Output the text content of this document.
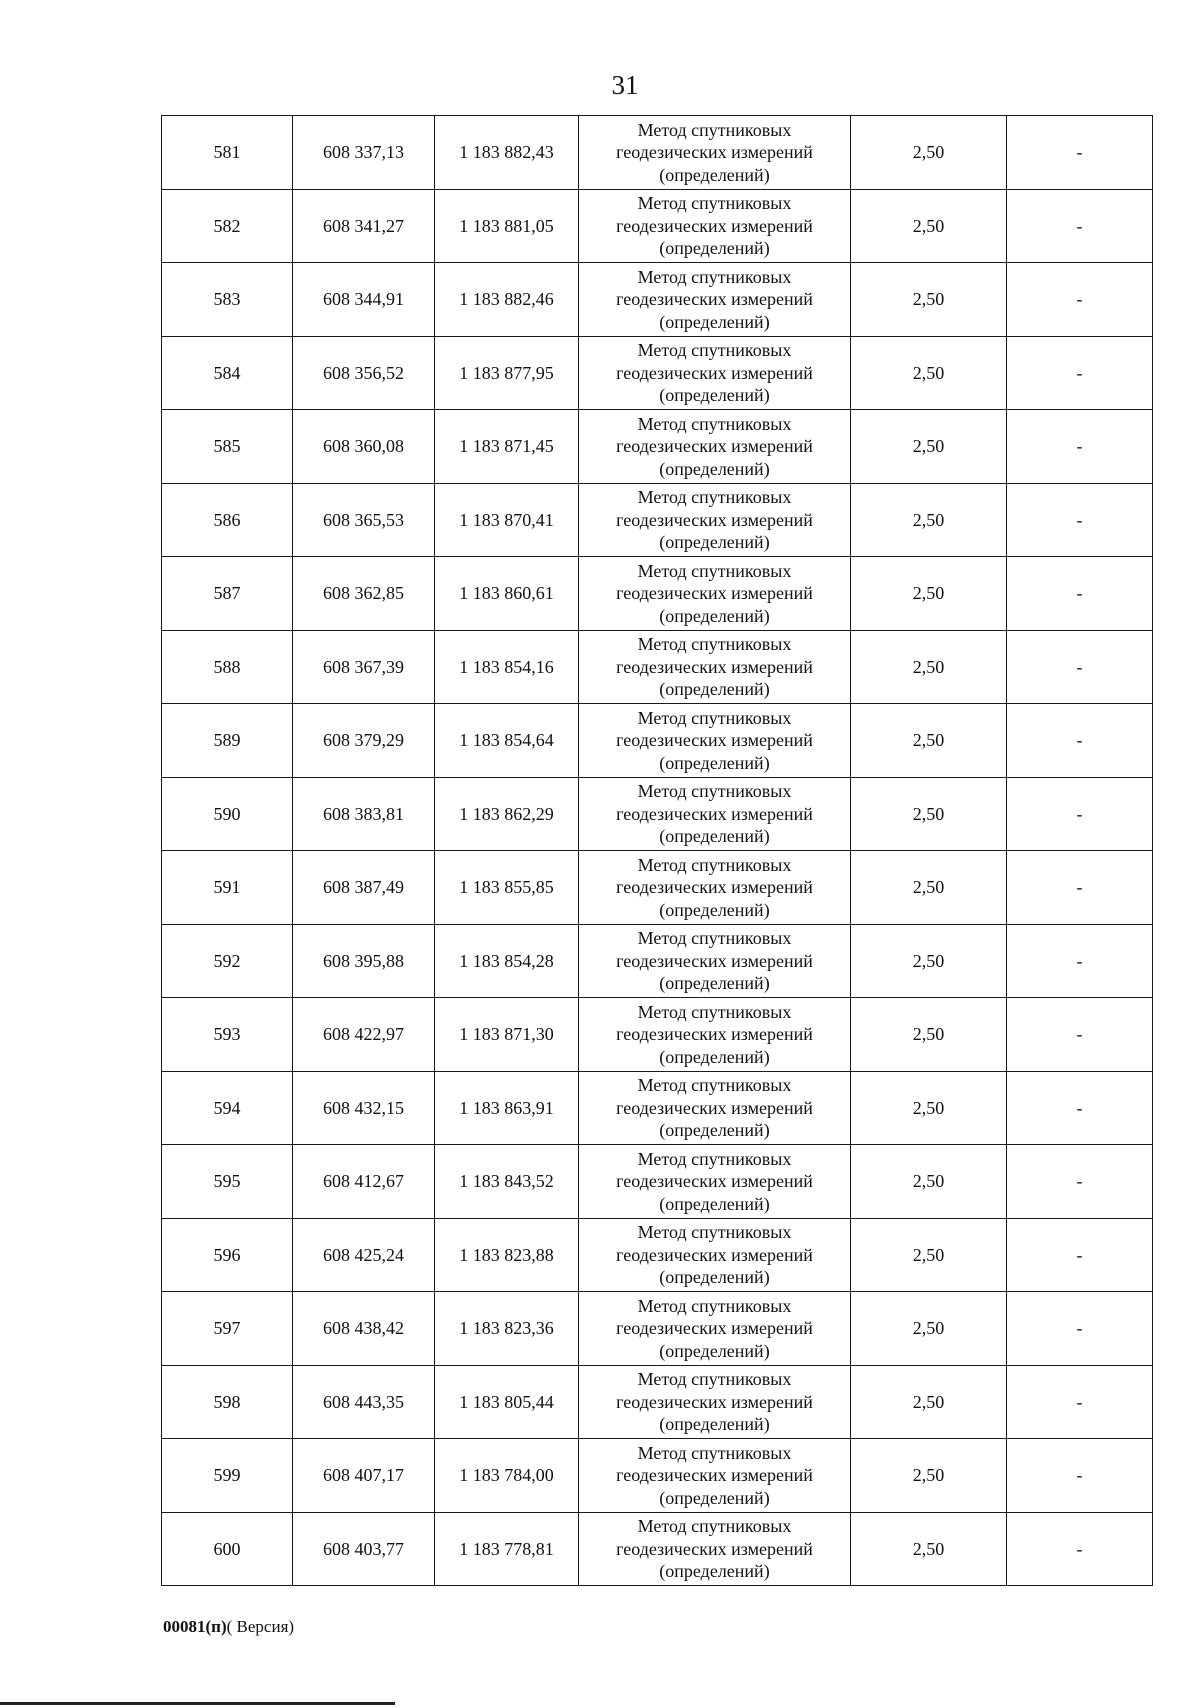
31
581	608 337,13	1 183 882,43	Метод спутниковых
геодезических измерений
(определений)	2,50	-
582	608 341,27	1 183 881,05	Метод спутниковых
геодезических измерений
(определений)	2,50	-
583	608 344,91	1 183 882,46	Метод спутниковых
геодезических измерений
(определений)	2,50	-
584	608 356,52	1 183 877,95	Метод спутниковых
геодезических измерений
(определений)	2,50	-
585	608 360,08	1 183 871,45	Метод спутниковых
геодезических измерений
(определений)	2,50	-
586	608 365,53	1 183 870,41	Метод спутниковых
геодезических измерений
(определений)	2,50	-
587	608 362,85	1 183 860,61	Метод спутниковых
геодезических измерений
(определений)	2,50	-
588	608 367,39	1 183 854,16	Метод спутниковых
геодезических измерений
(определений)	2,50	-
589	608 379,29	1 183 854,64	Метод спутниковых
геодезических измерений
(определений)	2,50	-
590	608 383,81	1 183 862,29	Метод спутниковых
геодезических измерений
(определений)	2,50	-
591	608 387,49	1 183 855,85	Метод спутниковых
геодезических измерений
(определений)	2,50	-
592	608 395,88	1 183 854,28	Метод спутниковых
геодезических измерений
(определений)	2,50	-
593	608 422,97	1 183 871,30	Метод спутниковых
геодезических измерений
(определений)	2,50	-
594	608 432,15	1 183 863,91	Метод спутниковых
геодезических измерений
(определений)	2,50	-
595	608 412,67	1 183 843,52	Метод спутниковых
геодезических измерений
(определений)	2,50	-
596	608 425,24	1 183 823,88	Метод спутниковых
геодезических измерений
(определений)	2,50	-
597	608 438,42	1 183 823,36	Метод спутниковых
геодезических измерений
(определений)	2,50	-
598	608 443,35	1 183 805,44	Метод спутниковых
геодезических измерений
(определений)	2,50	-
599	608 407,17	1 183 784,00	Метод спутниковых
геодезических измерений
(определений)	2,50	-
600	608 403,77	1 183 778,81	Метод спутниковых
геодезических измерений
(определений)	2,50	-
00081(п)( Версия)
